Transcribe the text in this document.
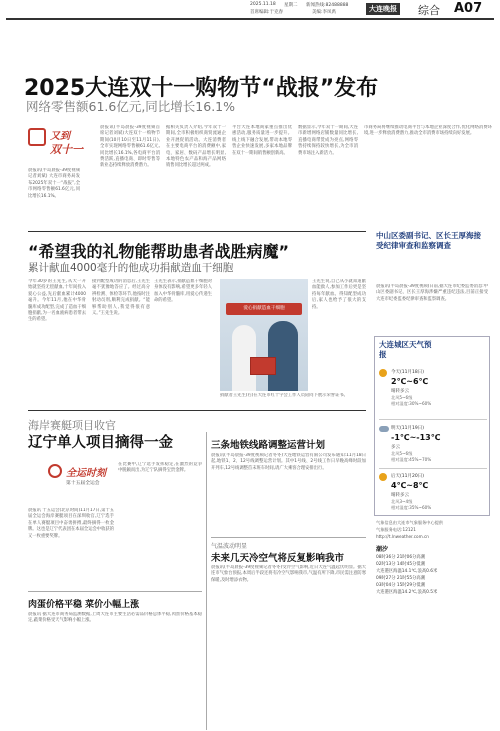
2025.11.18 星期二 新闻热线:82488888
首席编辑:于克春	美编:李凤禹	大连晚报 综合 A07
2025大连双十一购物节“战报”发布
网络零售额61.6亿元,同比增长16.1%
又到
双十一
晨报讯(半岛晨报-39度视频记者刘斌) 大连市商务局发布2025年双十一“战报”,全市网络零售额61.6亿元,同比增长16.1%。
晨报讯(半岛晨报-39度视频首席记者刘斌)大连双十一购物节期间(10月10日至11月11日),全市实现网络零售额61.6亿元,同比增长16.1%,各电商平台消费活跃,直播电商、即时零售等新业态持续释放消费潜力。
据相关负责人介绍,今年双十一期间,全市积极组织商贸流通企业开展促销活动。大连消费者在主要电商平台的消费额中,家电、家居、数码产品增长明显,本地特色农产品和海产品网络销售同比增长超过两成。
平台大连本地商家重点推出优惠活动,服务质量进一步提升。线上线下融合发展,带动本地零售企业快速发展,多家本地品牌在双十一期间销售额创新高。
数据显示,今年双十一期间,大连市新增网络店铺数量同比增长,直播电商带货成为亮点,网络零售持续保持较快增长,为全市消费市场注入新活力。
市商务局将继续推动电商平台与本地企业深度合作,优化网络消费环境,进一步释放消费潜力,推动全市消费市场持续向好发展。
“希望我的礼物能帮助患者战胜病魔”
累计献血4000毫升的他成功捐献造血干细胞
今年30岁的王先生,从大一开始就坚持无偿献血,十年间投入爱心公益,先后献血累计4000毫升。今年11月,他在中华骨髓库成功配型,完成了造血干细胞捐献,为一名血液病患者带去生的希望。
接到配型成功的消息后,王先生毫不犹豫地答应了。经过高分辨检测、体检等环节,他按时注射动员剂,顺利完成捐献。“能够帮助别人,我觉得很有意义。”王先生说。
王先生表示,捐献造血干细胞对身体没有影响,希望更多年轻人加入中华骨髓库,用爱心传递生命的希望。
爱心捐献造血干细胞
捐献者王先生(右)在大连市红十字会工作人员陪同下展示荣誉证书。
王先生说,自己从小就知道献血能救人,参加工作后更是坚持每年献血。得知配型成功后,家人也给予了很大的支持。
中山区委副书记、区长王厚海接受纪律审查和监察调查
晨报讯(半岛晨报-39度视频)日前,据大连市纪委监委消息:中山区委副书记、区长王厚海涉嫌严重违纪违法,目前正接受大连市纪委监委纪律审查和监察调查。
大连城区天气预报
今天(11月18日)
2℃~6℃
晴转多云
北风5~6级
相对湿度:30%~60%
明天(11月19日)
-1℃~-13℃
多云
北风5~6级
相对湿度:45%~70%
后天(11月20日)
4℃~8℃
晴转多云
北风3~4级
相对湿度:35%~60%
气象信息由大连市气象服务中心提供
气象服务电话:12121
http://t.lnweather.com.cn
潮汐
08时36分 21时06分高潮
02时13分 14时45分低潮
大连港区海温14.1℃,浪高0.6米
09时27分 21时55分高潮
03时04分 15时29分低潮
大连港区海温14.2℃,浪高0.5米
海岸赛艇项目收官
辽宁单人项目摘得一金
全运时刻
第十五届全运会
晨报讯 十五运会(北京时间)11月17日,第十五届全运会海岸赛艇项目在深圳收官,辽宁选手在单人赛艇项目中奋勇拼搏,最终摘得一枚金牌。这也是辽宁代表团在本届全运会中收获的又一枚重要奖牌。
在比赛中,辽宁选手发挥稳定,在激烈的竞争中脱颖而出,为辽宁队摘得宝贵金牌。
三条地铁线路调整运营计划
晨报讯(半岛晨报-39度视频记者冬冬)大连地铁运营有限公司发布通知:11月18日起,地铁1、2、12号线调整运营计划。其中1号线、2号线工作日早晚高峰时段加开列车,12号线调整首末班车时间,请广大乘客合理安排出行。
气温波动明显
未来几天冷空气将反复影响我市
晨报讯(半岛晨报-39度视频记者冬冬)受冷空气影响,近日大连气温起伏明显。据大连市气象台预报,本周后半段还将有冷空气影响我市,气温有所下降,市民需注意防寒保暖,及时增添衣物。
肉蛋价格平稳 菜价小幅上涨
晨报讯 据大连市商务局监测数据,上周大连市主要生活必需品价格总体平稳,肉蛋价格基本稳定,蔬菜价格受天气影响小幅上涨。
